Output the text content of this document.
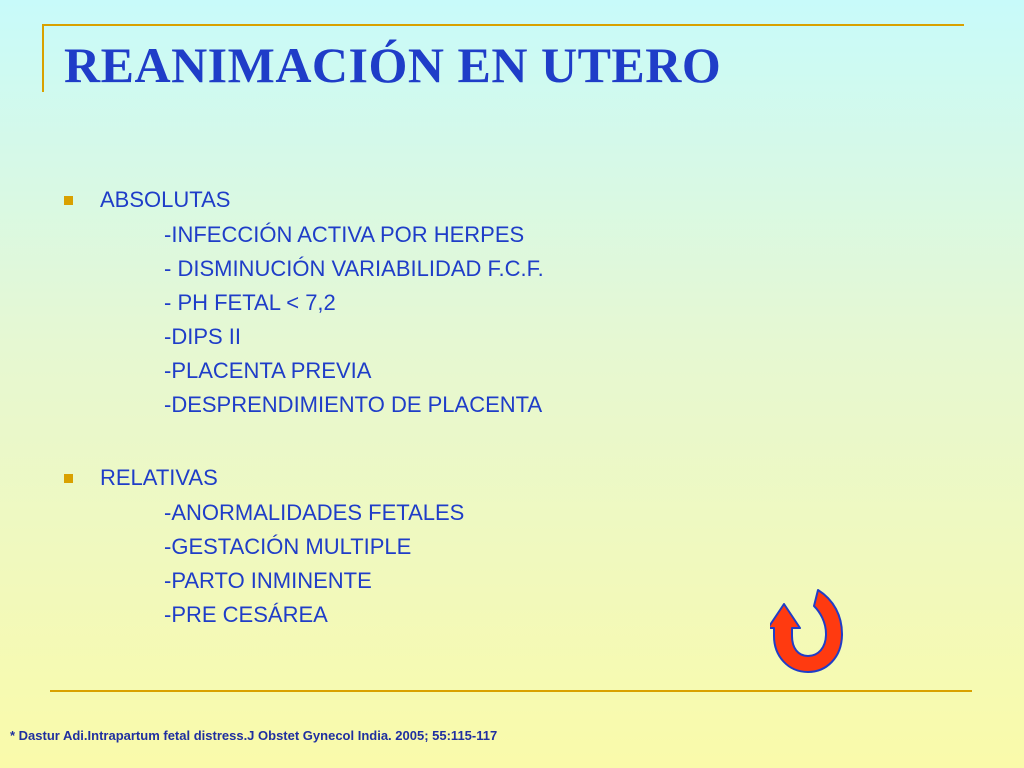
REANIMACIÓN EN UTERO
ABSOLUTAS
-INFECCIÓN ACTIVA POR HERPES
- DISMINUCIÓN VARIABILIDAD F.C.F.
- PH FETAL < 7,2
-DIPS II
-PLACENTA PREVIA
-DESPRENDIMIENTO DE PLACENTA
RELATIVAS
-ANORMALIDADES FETALES
-GESTACIÓN MULTIPLE
-PARTO INMINENTE
-PRE CESÁREA
* Dastur Adi.Intrapartum fetal distress.J Obstet Gynecol India. 2005; 55:115-117
